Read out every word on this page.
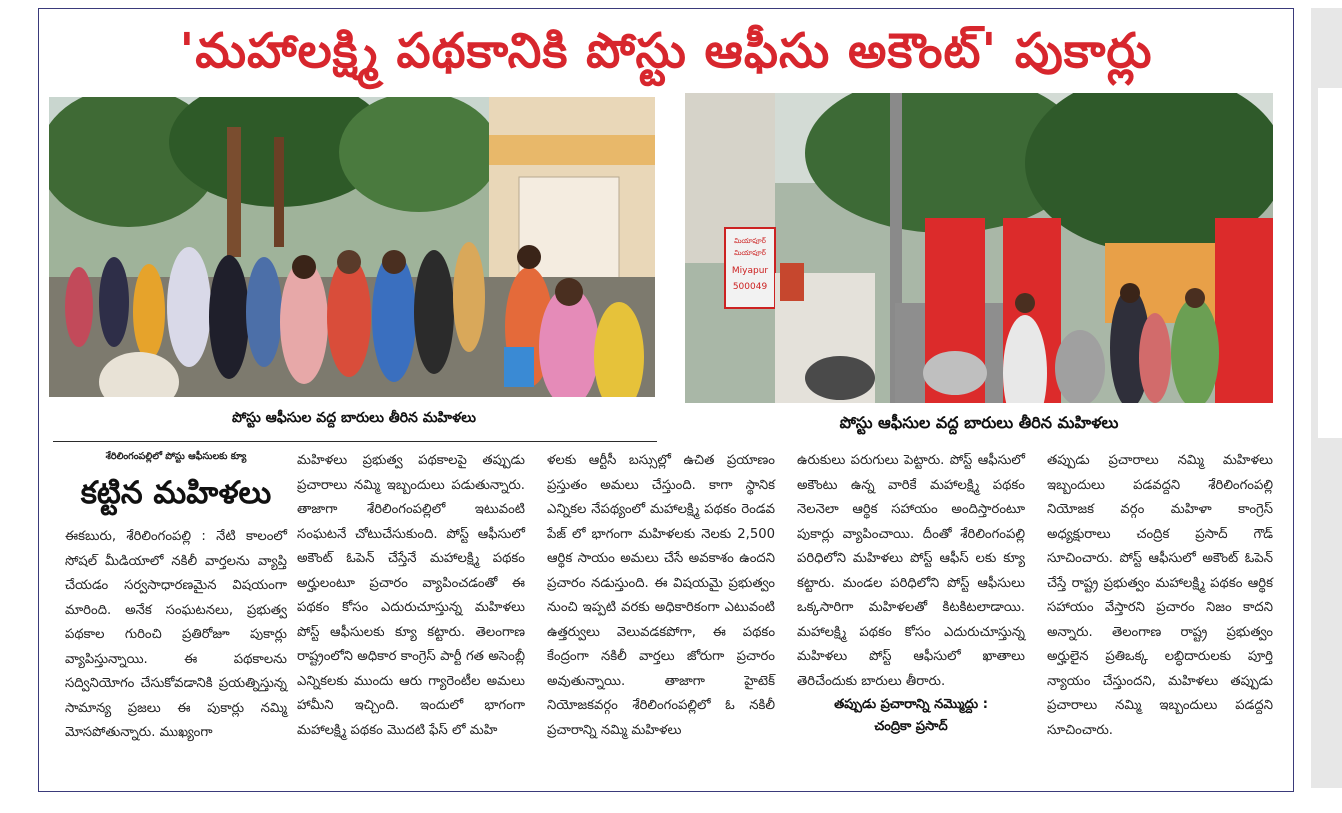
'మహాలక్ష్మి పథకానికి పోస్టు ఆఫీసు అకౌంట్' పుకార్లు
పోస్టు ఆఫీసుల వద్ద బారులు తీరిన మహిళలు
మియాపూర్
మియాపూర్
Miyapur
500049
పోస్టు ఆఫీసుల వద్ద బారులు తీరిన మహిళలు
శేరిలింగంపల్లిలో పోస్టు ఆఫీసులకు క్యూ
కట్టిన మహిళలు

ఈకబురు, శేరిలింగంపల్లి : నేటి కాలంలో సోషల్ మీడియాలో నకిలీ వార్తలను వ్యాప్తి చేయడం సర్వసాధారణమైన విషయంగా మారింది. అనేక సంఘటనలు, ప్రభుత్వ పథకాల గురించి ప్రతిరోజూ పుకార్లు వ్యాపిస్తున్నాయి. ఈ పథకాలను సద్వినియోగం చేసుకోవడానికి ప్రయత్నిస్తున్న సామాన్య ప్రజలు ఈ పుకార్లు నమ్మి మోసపోతున్నారు. ముఖ్యంగా

మహిళలు ప్రభుత్వ పథకాలపై తప్పుడు ప్రచారాలు నమ్మి ఇబ్బందులు పడుతున్నారు. తాజాగా శేరిలింగంపల్లిలో ఇటువంటి సంఘటనే చోటుచేసుకుంది. పోస్ట్ ఆఫీసులో అకౌంట్ ఓపెన్ చేస్తేనే మహాలక్ష్మి పథకం అర్హులంటూ ప్రచారం వ్యాపించడంతో ఈ పథకం కోసం ఎదురుచూస్తున్న మహిళలు పోస్ట్ ఆఫీసులకు క్యూ కట్టారు. తెలంగాణ రాష్ట్రంలోని అధికార కాంగ్రెస్ పార్టీ గత అసెంబ్లీ ఎన్నికలకు ముందు ఆరు గ్యారెంటీల అమలు హామీని ఇచ్చింది. ఇందులో భాగంగా మహాలక్ష్మి పథకం మొదటి ఫేస్ లో మహి

ళలకు ఆర్టీసీ బస్సుల్లో ఉచిత ప్రయాణం ప్రస్తుతం అమలు చేస్తుంది. కాగా స్థానిక ఎన్నికల నేపథ్యంలో మహాలక్ష్మి పథకం రెండవ పేజ్ లో భాగంగా మహిళలకు నెలకు 2,500 ఆర్థిక సాయం అమలు చేసే అవకాశం ఉందని ప్రచారం నడుస్తుంది. ఈ విషయమై ప్రభుత్వం నుంచి ఇప్పటి వరకు అధికారికంగా ఎటువంటి ఉత్తర్వులు వెలువడకపోగా, ఈ పథకం కేంద్రంగా నకిలీ వార్తలు జోరుగా ప్రచారం అవుతున్నాయి. తాజాగా హైటెక్ నియోజకవర్గం శేరిలింగంపల్లిలో ఓ నకిలీ ప్రచారాన్ని నమ్మి మహిళలు

ఉరుకులు పరుగులు పెట్టారు. పోస్ట్ ఆఫీసులో అకౌంటు ఉన్న వారికే మహాలక్ష్మి పథకం నెలనెలా ఆర్థిక సహాయం అందిస్తారంటూ పుకార్లు వ్యాపించాయి. దీంతో శేరిలింగంపల్లి పరిధిలోని మహిళలు పోస్ట్ ఆఫీస్ లకు క్యూ కట్టారు. మండల పరిధిలోని పోస్ట్ ఆఫీసులు ఒక్కసారిగా మహిళలతో కిటకిటలాడాయి. మహాలక్ష్మి పథకం కోసం ఎదురుచూస్తున్న మహిళలు పోస్ట్ ఆఫీసులో ఖాతాలు తెరిచేందుకు బారులు తీరారు.

తప్పుడు ప్రచారాన్ని నమ్మొద్దు :
చంద్రికా ప్రసాద్

తప్పుడు ప్రచారాలు నమ్మి మహిళలు ఇబ్బందులు పడవద్దని శేరిలింగంపల్లి నియోజక వర్గం మహిళా కాంగ్రెస్ అధ్యక్షురాలు చంద్రిక ప్రసాద్ గౌడ్ సూచించారు. పోస్ట్ ఆఫీసులో అకౌంట్ ఓపెన్ చేస్తే రాష్ట్ర ప్రభుత్వం మహాలక్ష్మి పథకం ఆర్థిక సహాయం వేస్తారని ప్రచారం నిజం కాదని అన్నారు. తెలంగాణ రాష్ట్ర ప్రభుత్వం అర్హులైన ప్రతిఒక్క లబ్ధిదారులకు పూర్తి న్యాయం చేస్తుందని, మహిళలు తప్పుడు ప్రచారాలు నమ్మి ఇబ్బందులు పడద్దని సూచించారు.
